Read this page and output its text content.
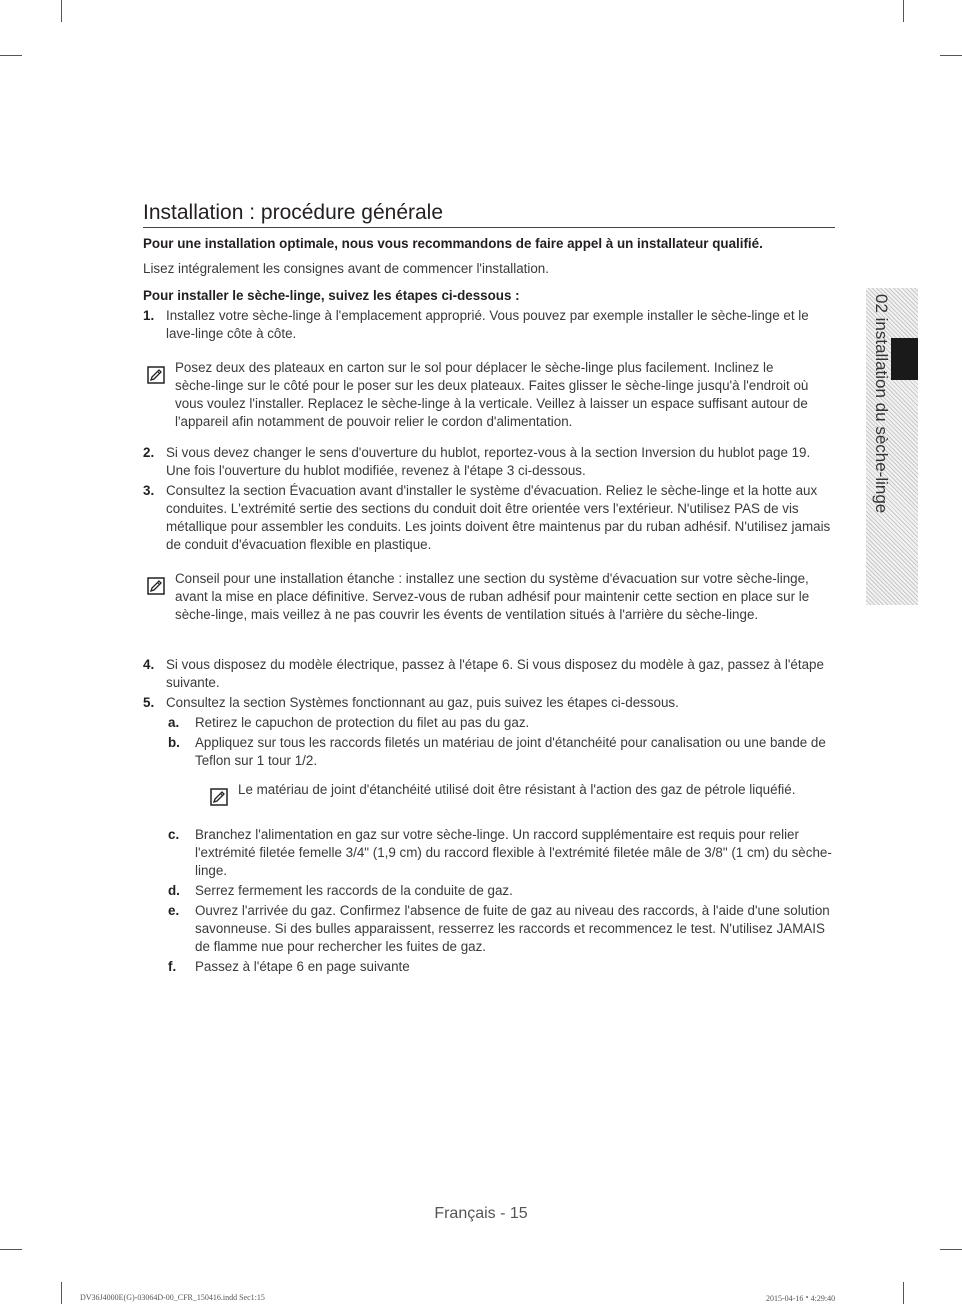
Installation : procédure générale
Pour une installation optimale, nous vous recommandons de faire appel à un installateur qualifié.
Lisez intégralement les consignes avant de commencer l'installation.
Pour installer le sèche-linge, suivez les étapes ci-dessous :
1. Installez votre sèche-linge à l'emplacement approprié. Vous pouvez par exemple installer le sèche-linge et le lave-linge côte à côte.
Posez deux des plateaux en carton sur le sol pour déplacer le sèche-linge plus facilement. Inclinez le sèche-linge sur le côté pour le poser sur les deux plateaux. Faites glisser le sèche-linge jusqu'à l'endroit où vous voulez l'installer. Replacez le sèche-linge à la verticale. Veillez à laisser un espace suffisant autour de l'appareil afin notamment de pouvoir relier le cordon d'alimentation.
2. Si vous devez changer le sens d'ouverture du hublot, reportez-vous à la section Inversion du hublot page 19. Une fois l'ouverture du hublot modifiée, revenez à l'étape 3 ci-dessous.
3. Consultez la section Évacuation avant d'installer le système d'évacuation. Reliez le sèche-linge et la hotte aux conduites. L'extrémité sertie des sections du conduit doit être orientée vers l'extérieur. N'utilisez PAS de vis métallique pour assembler les conduits. Les joints doivent être maintenus par du ruban adhésif. N'utilisez jamais de conduit d'évacuation flexible en plastique.
Conseil pour une installation étanche : installez une section du système d'évacuation sur votre sèche-linge, avant la mise en place définitive. Servez-vous de ruban adhésif pour maintenir cette section en place sur le sèche-linge, mais veillez à ne pas couvrir les évents de ventilation situés à l'arrière du sèche-linge.
4. Si vous disposez du modèle électrique, passez à l'étape 6. Si vous disposez du modèle à gaz, passez à l'étape suivante.
5. Consultez la section Systèmes fonctionnant au gaz, puis suivez les étapes ci-dessous.
a.	Retirez le capuchon de protection du filet au pas du gaz.
b.	Appliquez sur tous les raccords filetés un matériau de joint d'étanchéité pour canalisation ou une bande de Teflon sur 1 tour 1/2.
Le matériau de joint d'étanchéité utilisé doit être résistant à l'action des gaz de pétrole liquéfié.
c.	Branchez l'alimentation en gaz sur votre sèche-linge. Un raccord supplémentaire est requis pour relier l'extrémité filetée femelle 3/4" (1,9 cm) du raccord flexible à l'extrémité filetée mâle de 3/8" (1 cm) du sèche-linge.
d.	Serrez fermement les raccords de la conduite de gaz.
e.	Ouvrez l'arrivée du gaz. Confirmez l'absence de fuite de gaz au niveau des raccords, à l'aide d'une solution savonneuse. Si des bulles apparaissent, resserrez les raccords et recommencez le test. N'utilisez JAMAIS de flamme nue pour rechercher les fuites de gaz.
f.	Passez à l'étape 6 en page suivante
02 installation du sèche-linge
Français - 15
DV36J4000E(G)-03064D-00_CFR_150416.indd Sec1:15	2015-04-16 ꢀ 4:29:40
